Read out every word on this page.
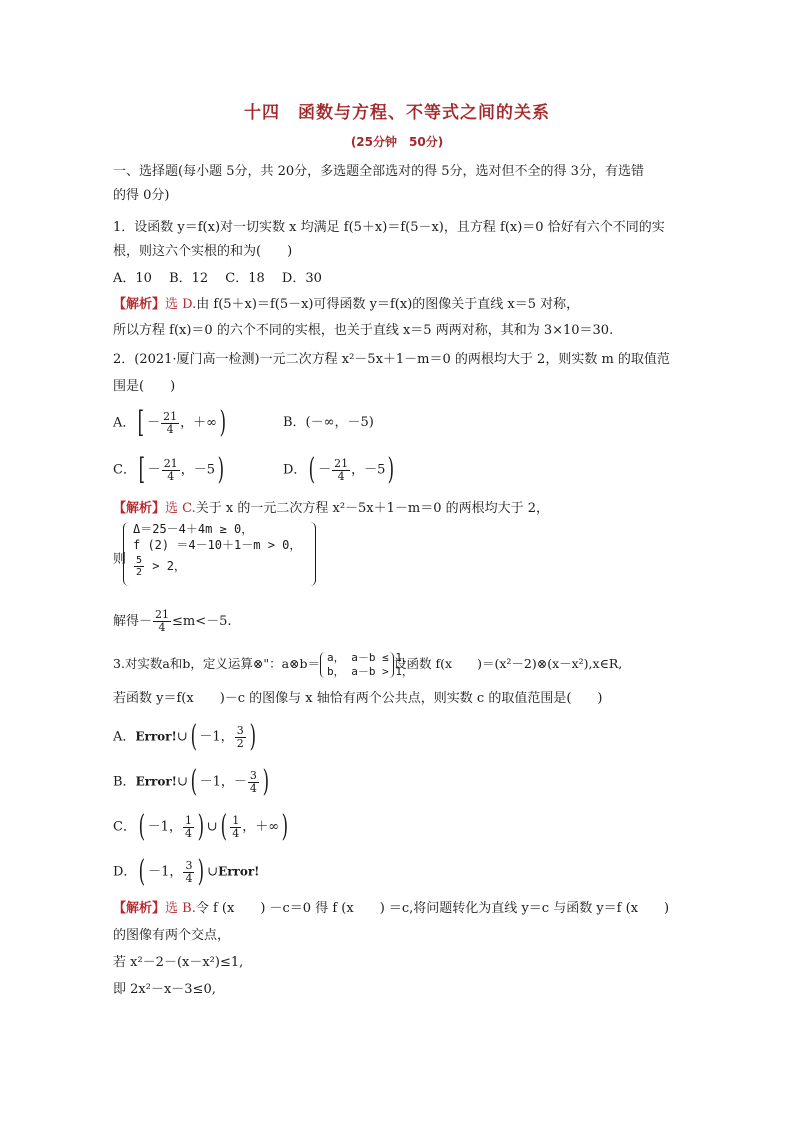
十四　函数与方程、不等式之间的关系
(25分钟　50分)
一、选择题(每小题 5分，共 20分，多选题全部选对的得 5分，选对但不全的得 3分，有选错
的得 0分)
1．设函数 y＝f(x)对一切实数 x 均满足 f(5＋x)＝f(5－x)，且方程 f(x)＝0 恰好有六个不同的实
根，则这六个实根的和为(　　)
A．10　 B．12　 C．18　 D．30
【解析】选 D.由 f(5＋x)＝f(5－x)可得函数 y＝f(x)的图像关于直线 x＝5 对称，
所以方程 f(x)＝0 的六个不同的实根，也关于直线 x＝5 两两对称，其和为 3×10＝30.
2．(2021·厦门高一检测)一元二次方程 x²－5x＋1－m＝0 的两根均大于 2，则实数 m 的取值范
围是(　　)
A．[ － $\frac{21}{4}$ ，＋∞)	B．(－∞，－5)
C．[ － $\frac{21}{4}$ ，－5)	D．( － $\frac{21}{4}$ ，－5)
【解析】选 C.关于 x 的一元二次方程 x²－5x＋1－m＝0 的两根均大于 2，
则
Δ＝25－4＋4m ≥ 0，
f (2) ＝4－10＋1－m > 0，
$\frac{5}{2} > 2$，
解得－ $\frac{21}{4} \le m<-5$.
3.对实数a和b，定义运算⊗"：a⊗b＝ a， a－b ≤ 1，
b， a－b > 1，
设函数 f(x　　)＝(x²－2)⊗(x－x²),x∈R,
若函数 y＝f(x　　)－c 的图像与 x 轴恰有两个公共点，则实数 c 的取值范围是(　　)
A．Error!∪( －1， $\frac{3}{2}$ )
B．Error!∪( －1，－ $\frac{3}{4}$ )
C．( －1， $\frac{1}{4}$ ) ∪( $\frac{1}{4}$ ，＋∞)
D．( －1， $\frac{3}{4}$ ) ∪Error!
【解析】选 B.令 f (x　　) －c＝0 得 f (x　　) ＝c,将问题转化为直线 y＝c 与函数 y＝f (x　　)
的图像有两个交点，
若 x²－2－(x－x²)≤1,
即 2x²－x－3≤0,
